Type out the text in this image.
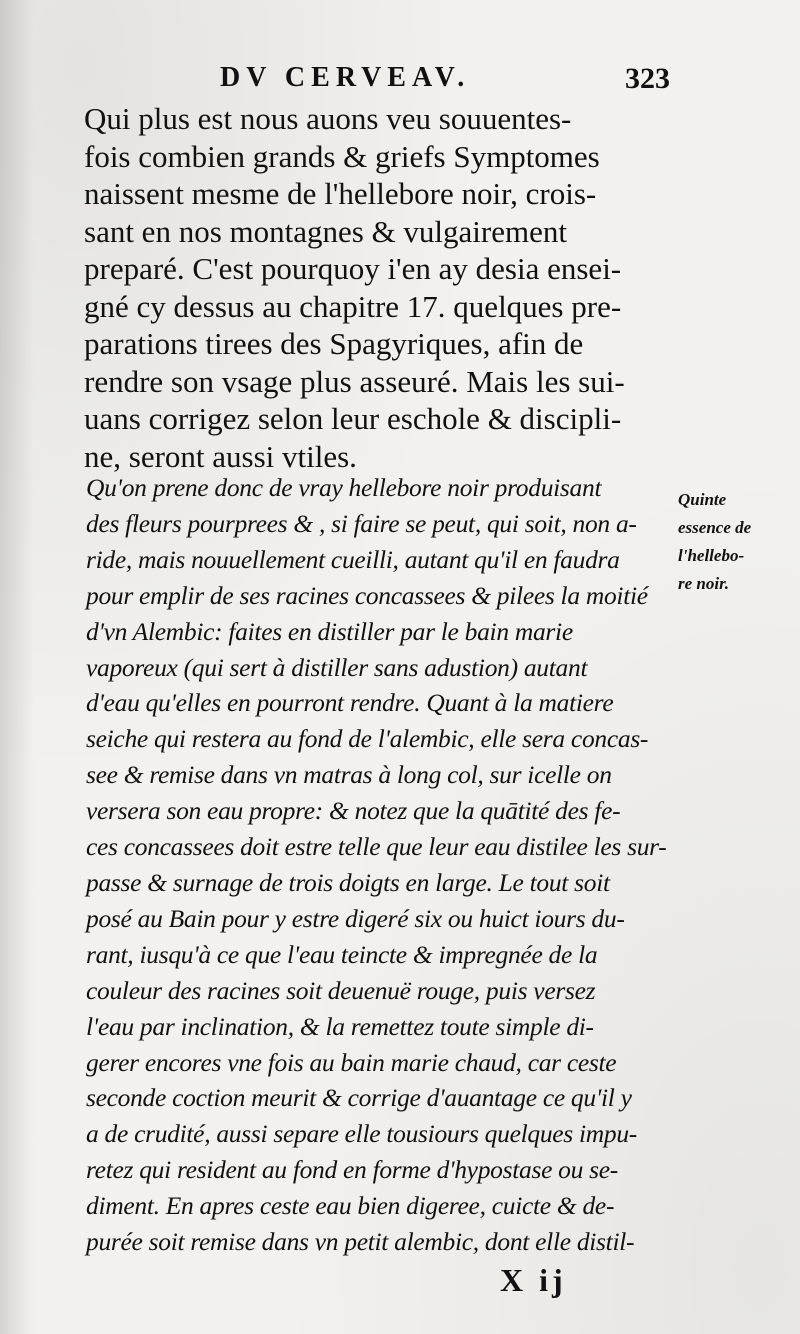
DV CERVEAV.	323
Qui plus est nous auons veu souuentes-
fois combien grands & griefs Symptomes
naissent mesme de l'hellebore noir, crois-
sant en nos montagnes & vulgairement
preparé. C'est pourquoy i'en ay desia ensei-
gné cy dessus au chapitre 17. quelques pre-
parations tirees des Spagyriques, afin de
rendre son vsage plus asseuré. Mais les sui-
uans corrigez selon leur eschole & discipli-
ne, seront aussi vtiles.
Qu'on prene donc de vray hellebore noir produisant
des fleurs pourprees & , si faire se peut, qui soit, non a-
ride, mais nouuellement cueilli, autant qu'il en faudra
pour emplir de ses racines concassees & pilees la moitié
d'vn Alembic: faites en distiller par le bain marie
vaporeux (qui sert à distiller sans adustion) autant
d'eau qu'elles en pourront rendre. Quant à la matiere
seiche qui restera au fond de l'alembic, elle sera concas-
see & remise dans vn matras à long col, sur icelle on
versera son eau propre: & notez que la quātité des fe-
ces concassees doit estre telle que leur eau distilee les sur-
passe & surnage de trois doigts en large. Le tout soit
posé au Bain pour y estre digeré six ou huict iours du-
rant, iusqu'à ce que l'eau teincte & impregnée de la
couleur des racines soit deuenuë rouge, puis versez
l'eau par inclination, & la remettez toute simple di-
gerer encores vne fois au bain marie chaud, car ceste
seconde coction meurit & corrige d'auantage ce qu'il y
a de crudité, aussi separe elle tousiours quelques impu-
retez qui resident au fond en forme d'hypostase ou se-
diment. En apres ceste eau bien digeree, cuicte & de-
purée soit remise dans vn petit alembic, dont elle distil-
Quinte
essence de
l'hellebo-
re noir.
X ij
